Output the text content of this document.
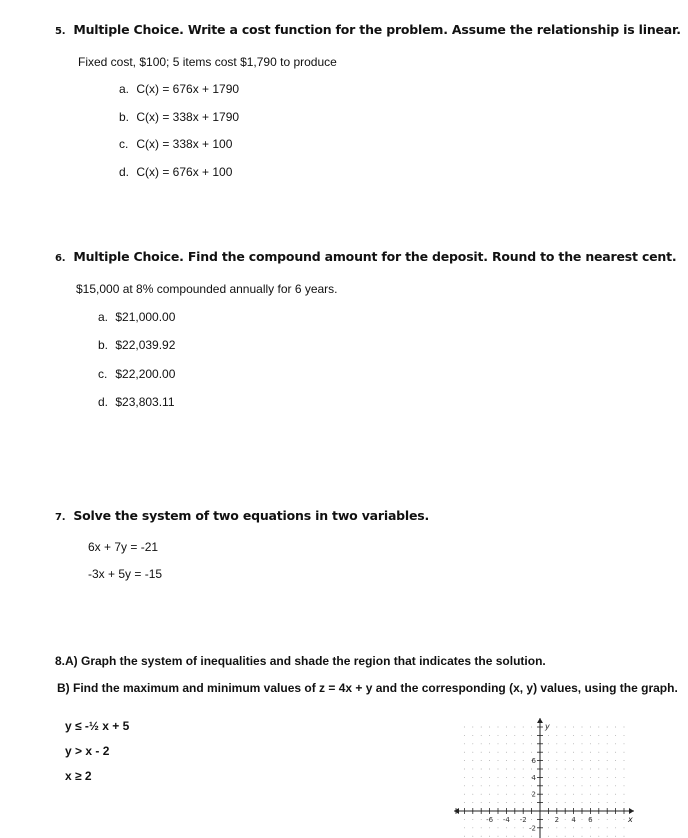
5. Multiple Choice. Write a cost function for the problem. Assume the relationship is linear.
Fixed cost, $100; 5 items cost $1,790 to produce
a. C(x) = 676x + 1790
b. C(x) = 338x + 1790
c. C(x) = 338x + 100
d. C(x) = 676x + 100
6. Multiple Choice. Find the compound amount for the deposit. Round to the nearest cent.
$15,000 at 8% compounded annually for 6 years.
a. $21,000.00
b. $22,039.92
c. $22,200.00
d. $23,803.11
7. Solve the system of two equations in two variables.
6x + 7y = -21
-3x + 5y = -15
8.A) Graph the system of inequalities and shade the region that indicates the solution.
B) Find the maximum and minimum values of z = 4x + y and the corresponding (x, y) values, using the graph.
y ≤ -½ x + 5
y > x - 2
x ≥ 2
x
y
-6 -4 -2	2 4 6
6
4
2
-2
